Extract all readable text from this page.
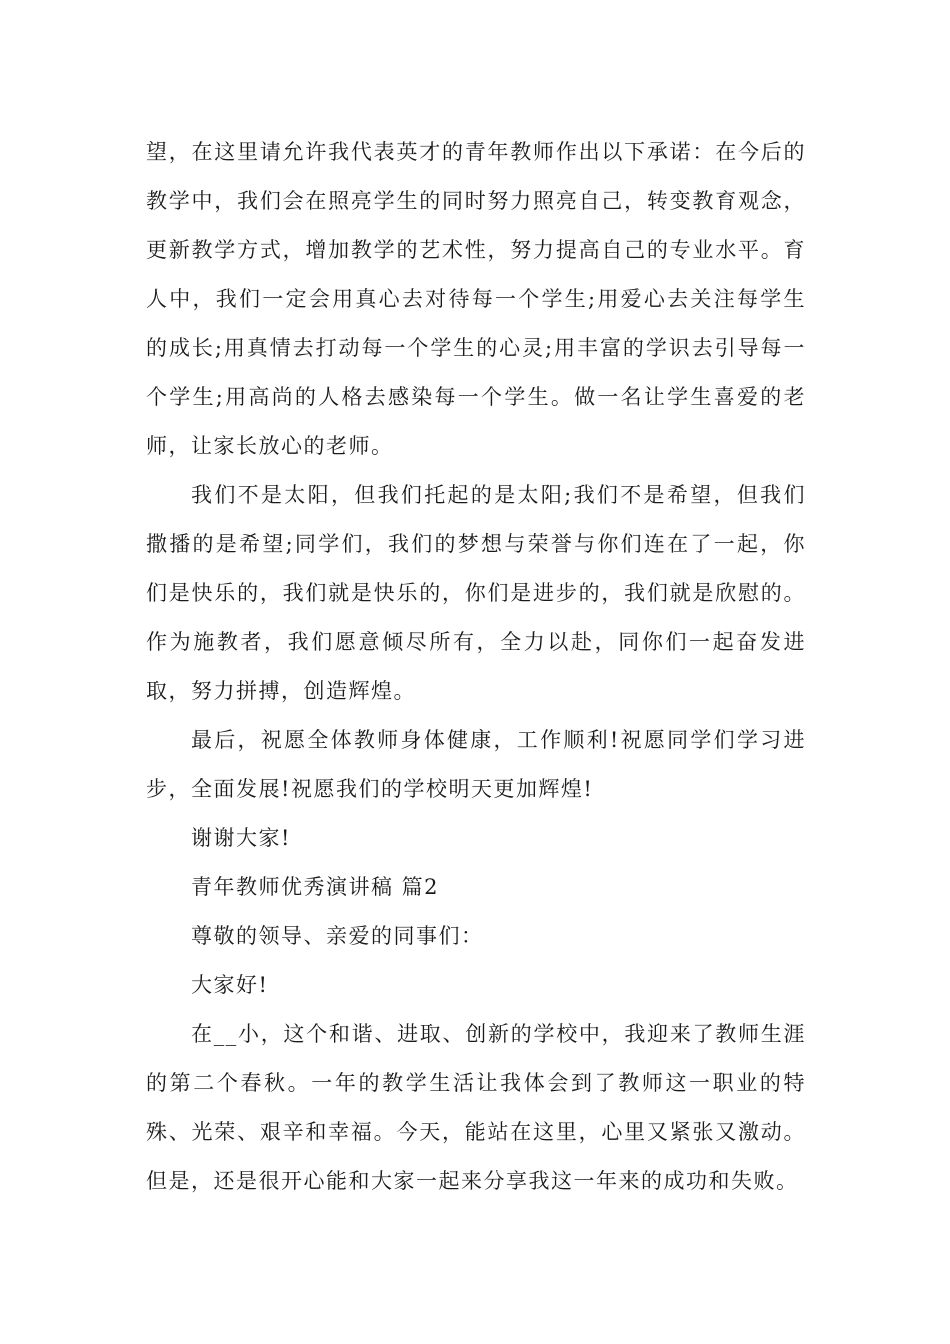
望，在这里请允许我代表英才的青年教师作出以下承诺：在今后的教学中，我们会在照亮学生的同时努力照亮自己，转变教育观念，更新教学方式，增加教学的艺术性，努力提高自己的专业水平。育人中，我们一定会用真心去对待每一个学生;用爱心去关注每学生的成长;用真情去打动每一个学生的心灵;用丰富的学识去引导每一个学生;用高尚的人格去感染每一个学生。做一名让学生喜爱的老师，让家长放心的老师。

我们不是太阳，但我们托起的是太阳;我们不是希望，但我们撒播的是希望;同学们，我们的梦想与荣誉与你们连在了一起，你们是快乐的，我们就是快乐的，你们是进步的，我们就是欣慰的。作为施教者，我们愿意倾尽所有，全力以赴，同你们一起奋发进取，努力拼搏，创造辉煌。

最后，祝愿全体教师身体健康，工作顺利!祝愿同学们学习进步，全面发展!祝愿我们的学校明天更加辉煌!

谢谢大家!

青年教师优秀演讲稿 篇2

尊敬的领导、亲爱的同事们：

大家好!

在__小，这个和谐、进取、创新的学校中，我迎来了教师生涯的第二个春秋。一年的教学生活让我体会到了教师这一职业的特殊、光荣、艰辛和幸福。今天，能站在这里，心里又紧张又激动。但是，还是很开心能和大家一起来分享我这一年来的成功和失败。
